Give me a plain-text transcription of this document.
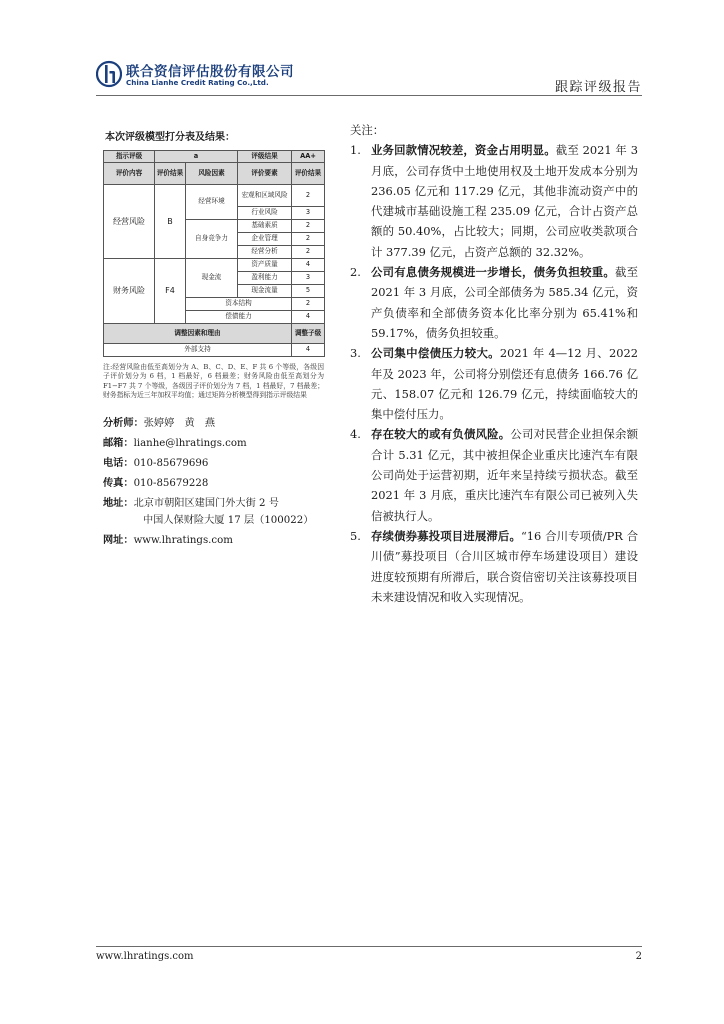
联合资信评估股份有限公司
China Lianhe Credit Rating Co.,Ltd.	跟踪评级报告
本次评级模型打分表及结果：
指示评级	a		评级结果	AA+
评价内容	评价结果	风险因素	评价要素	评价结果
经营风险	B	经营环境	宏观和区域风险	2
			行业风险	3
		自身竞争力	基础素质	2
			企业管理	2
			经营分析	2
财务风险	F4	现金流	资产质量	4
			盈利能力	3
			现金流量	5
		资本结构		2
		偿债能力		4
调整因素和理由				调整子级
外部支持				4
注:经营风险由低至高划分为 A、B、C、D、E、F 共 6 个等级，各级因子评价划分为 6 档，1 档最好，6 档最差；财务风险由低至高划分为 F1−F7 共 7 个等级，各级因子评价划分为 7 档，1 档最好，7 档最差；财务指标为近三年加权平均值；通过矩阵分析模型得到指示评级结果
分析师：张婷婷　黄　燕
邮箱：lianhe@lhratings.com
电话：010-85679696
传真：010-85679228
地址：北京市朝阳区建国门外大街 2 号
中国人保财险大厦 17 层（100022）
网址：www.lhratings.com
关注：
1. 业务回款情况较差，资金占用明显。截至 2021 年 3 月底，公司存货中土地使用权及土地开发成本分别为 236.05 亿元和 117.29 亿元，其他非流动资产中的代建城市基础设施工程 235.09 亿元，合计占资产总额的 50.40%，占比较大；同期，公司应收类款项合计 377.39 亿元，占资产总额的 32.32%。
2. 公司有息债务规模进一步增长，债务负担较重。截至 2021 年 3 月底，公司全部债务为 585.34 亿元，资产负债率和全部债务资本化比率分别为 65.41%和 59.17%，债务负担较重。
3. 公司集中偿债压力较大。2021 年 4—12 月、2022 年及 2023 年，公司将分别偿还有息债务 166.76 亿元、158.07 亿元和 126.79 亿元，持续面临较大的集中偿付压力。
4. 存在较大的或有负债风险。公司对民营企业担保余额合计 5.31 亿元，其中被担保企业重庆比速汽车有限公司尚处于运营初期，近年来呈持续亏损状态。截至 2021 年 3 月底，重庆比速汽车有限公司已被列入失信被执行人。
5. 存续债券募投项目进展滞后。“16 合川专项债/PR 合川债”募投项目（合川区城市停车场建设项目）建设进度较预期有所滞后，联合资信密切关注该募投项目未来建设情况和收入实现情况。
www.lhratings.com	2
